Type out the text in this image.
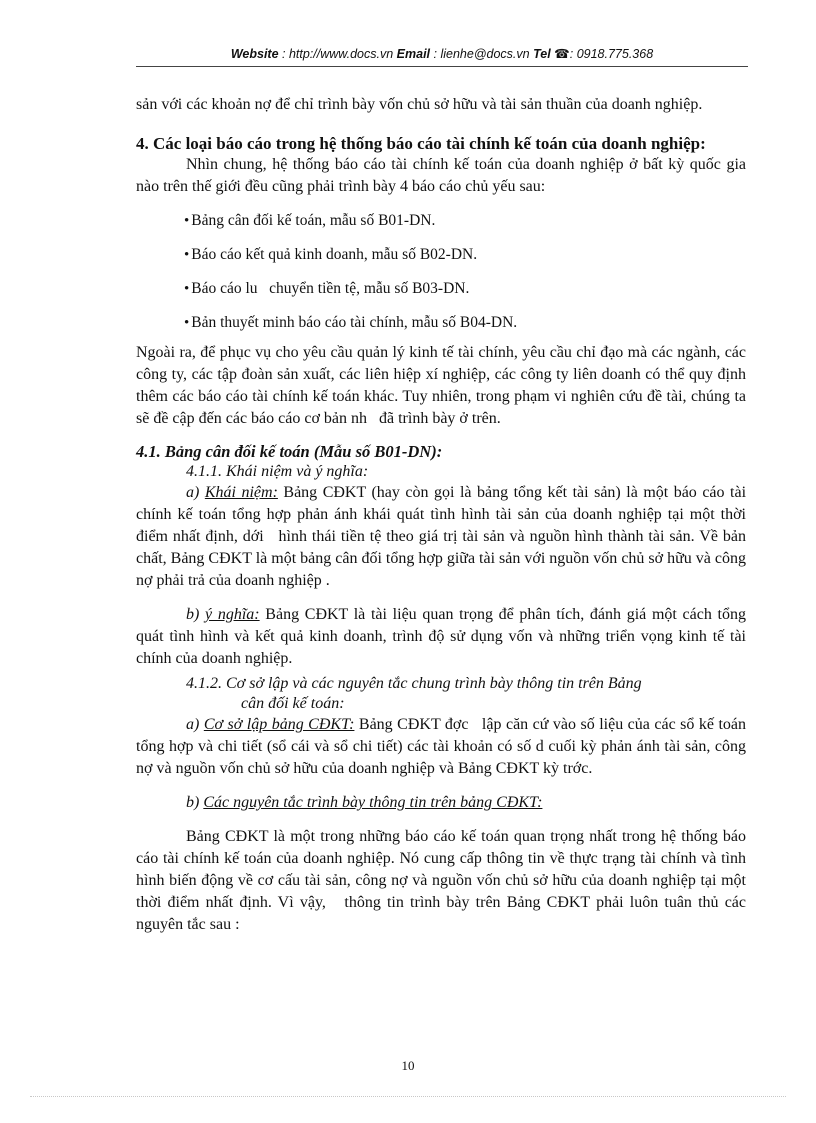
Website : http://www.docs.vn Email : lienhe@docs.vn Tel ☎: 0918.775.368

sản với các khoản nợ để chỉ trình bày vốn chủ sở hữu và tài sản thuần của doanh nghiệp.

4. Các loại báo cáo trong hệ thống báo cáo tài chính kế toán của doanh nghiệp:

Nhìn chung, hệ thống báo cáo tài chính kế toán của doanh nghiệp ở bất kỳ quốc gia nào trên thế giới đều cũng phải trình bày 4 báo cáo chủ yếu sau:

• Bảng cân đối kế toán, mẫu số B01-DN.

• Báo cáo kết quả kinh doanh, mẫu số B02-DN.

• Báo cáo lu   chuyển tiền tệ, mẫu số B03-DN.

• Bản thuyết minh báo cáo tài chính, mẫu số B04-DN.

Ngoài ra, để phục vụ cho yêu cầu quản lý kinh tế tài chính, yêu cầu chỉ đạo mà các ngành, các công ty, các tập đoàn sản xuất, các liên hiệp xí nghiệp, các công ty liên doanh có thể quy định thêm các báo cáo tài chính kế toán khác. Tuy nhiên, trong phạm vi nghiên cứu đề tài, chúng ta sẽ đề cập đến các báo cáo cơ bản nh   đã trình bày ở trên.

4.1. Bảng cân đối kế toán (Mẫu số B01-DN):

4.1.1. Khái niệm và ý nghĩa:

a) Khái niệm: Bảng CĐKT (hay còn gọi là bảng tổng kết tài sản) là một báo cáo tài chính kế toán tổng hợp phản ánh khái quát tình hình tài sản của doanh nghiệp tại một thời điểm nhất định, dới   hình thái tiền tệ theo giá trị tài sản và nguồn hình thành tài sản. Về bản chất, Bảng CĐKT là một bảng cân đối tổng hợp giữa tài sản với nguồn vốn chủ sở hữu và công nợ phải trả của doanh nghiệp .

b) ý nghĩa: Bảng CĐKT là tài liệu quan trọng để phân tích, đánh giá một cách tổng quát tình hình và kết quả kinh doanh, trình độ sử dụng vốn và những triển vọng kinh tế tài chính của doanh nghiệp.

4.1.2. Cơ sở lập và các nguyên tắc chung trình bày thông tin trên Bảng
cân đối kế toán:

a) Cơ sở lập bảng CĐKT: Bảng CĐKT đợc   lập căn cứ vào số liệu của các sổ kế toán tổng hợp và chi tiết (sổ cái và sổ chi tiết) các tài khoản có số d cuối kỳ phản ánh tài sản, công nợ và nguồn vốn chủ sở hữu của doanh nghiệp và Bảng CĐKT kỳ trớc.

b) Các nguyên tắc trình bày thông tin trên bảng CĐKT:

Bảng CĐKT là một trong những báo cáo kế toán quan trọng nhất trong hệ thống báo cáo tài chính kế toán của doanh nghiệp. Nó cung cấp thông tin về thực trạng tài chính và tình hình biến động về cơ cấu tài sản, công nợ và nguồn vốn chủ sở hữu của doanh nghiệp tại một thời điểm nhất định. Vì vậy,   thông tin trình bày trên Bảng CĐKT phải luôn tuân thủ các nguyên tắc sau :

10
